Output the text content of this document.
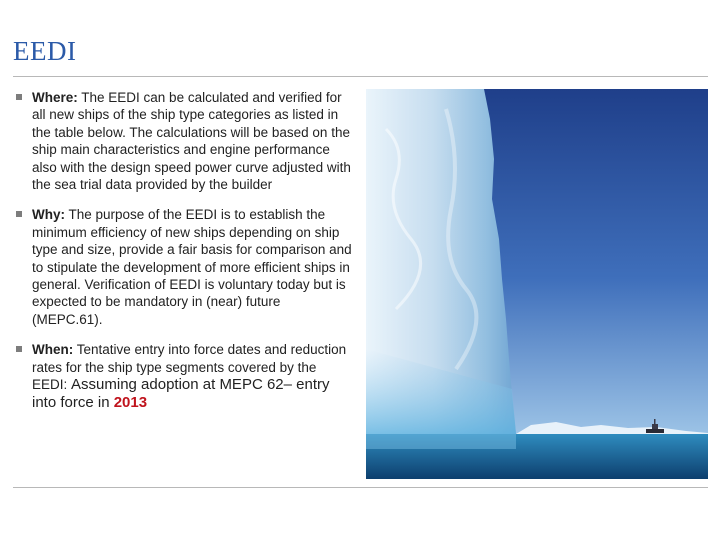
EEDI
Where: The EEDI can be calculated and verified for all new ships of the ship type categories as listed in the table below. The calculations will be based on the ship main characteristics and engine performance also with the design speed power curve adjusted with the sea trial data provided by the builder
Why: The purpose of the EEDI is to establish the minimum efficiency of new ships depending on ship type and size, provide a fair basis for comparison and to stipulate the development of more efficient ships in general. Verification of EEDI is voluntary today but is expected to be mandatory in (near) future (MEPC.61).
When: Tentative entry into force dates and reduction rates for the ship type segments covered by the EEDI: Assuming adoption at MEPC 62– entry into force in 2013
